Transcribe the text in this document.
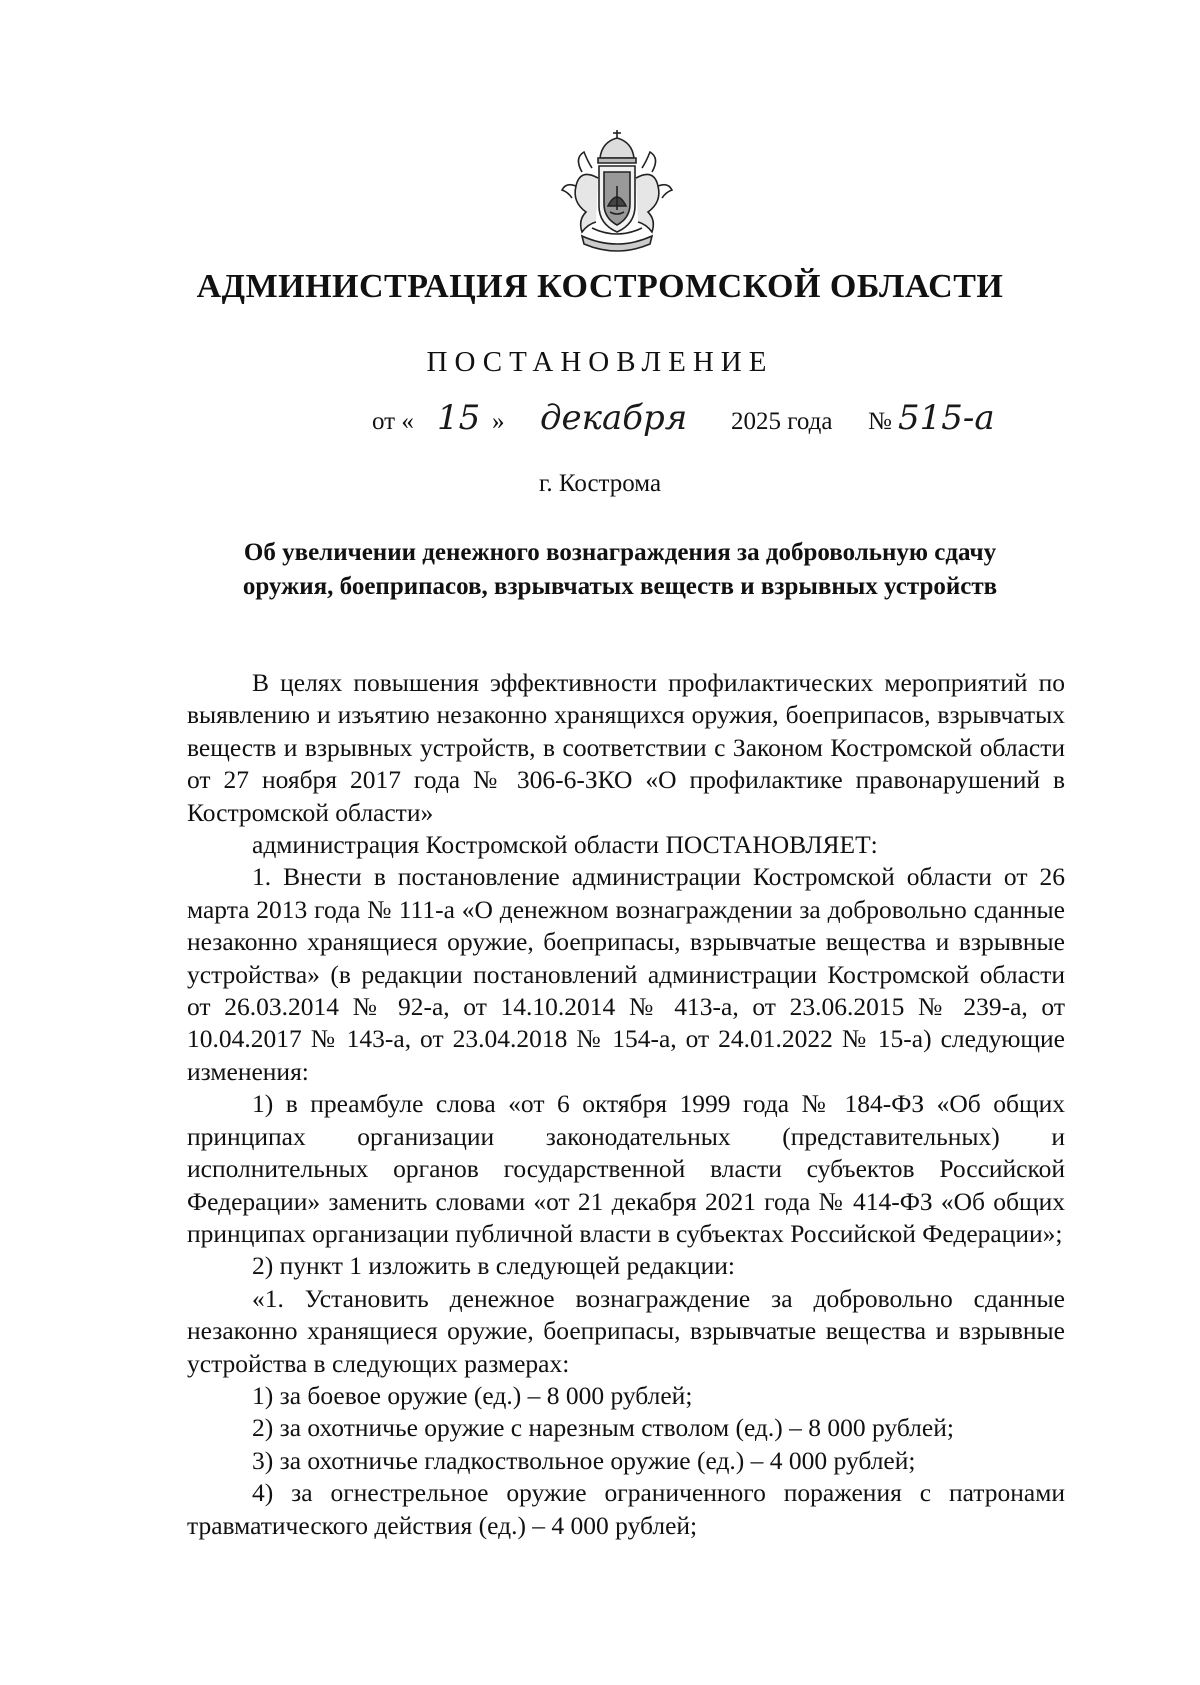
АДМИНИСТРАЦИЯ КОСТРОМСКОЙ ОБЛАСТИ
ПОСТАНОВЛЕНИЕ
от « 15 » декабря 2025 года № 515-а
г. Кострома
Об увеличении денежного вознаграждения за добровольную сдачу
оружия, боеприпасов, взрывчатых веществ и взрывных устройств

В целях повышения эффективности профилактических мероприятий по выявлению и изъятию незаконно хранящихся оружия, боеприпасов, взрывчатых веществ и взрывных устройств, в соответствии с Законом Костромской области от 27 ноября 2017 года № 306-6-ЗКО «О профилактике правонарушений в Костромской области»

администрация Костромской области ПОСТАНОВЛЯЕТ:

1. Внести в постановление администрации Костромской области от 26 марта 2013 года № 111-а «О денежном вознаграждении за добровольно сданные незаконно хранящиеся оружие, боеприпасы, взрывчатые вещества и взрывные устройства» (в редакции постановлений администрации Костромской области от 26.03.2014 № 92-а, от 14.10.2014 № 413-а, от 23.06.2015 № 239-а, от 10.04.2017 № 143-а, от 23.04.2018 № 154-а, от 24.01.2022 № 15-а) следующие изменения:

1) в преамбуле слова «от 6 октября 1999 года № 184-ФЗ «Об общих принципах организации законодательных (представительных) и исполнительных органов государственной власти субъектов Российской Федерации» заменить словами «от 21 декабря 2021 года № 414-ФЗ «Об общих принципах организации публичной власти в субъектах Российской Федерации»;

2) пункт 1 изложить в следующей редакции:

«1. Установить денежное вознаграждение за добровольно сданные незаконно хранящиеся оружие, боеприпасы, взрывчатые вещества и взрывные устройства в следующих размерах:

1) за боевое оружие (ед.) – 8 000 рублей;

2) за охотничье оружие с нарезным стволом (ед.) – 8 000 рублей;

3) за охотничье гладкоствольное оружие (ед.) – 4 000 рублей;

4) за огнестрельное оружие ограниченного поражения с патронами травматического действия (ед.) – 4 000 рублей;
